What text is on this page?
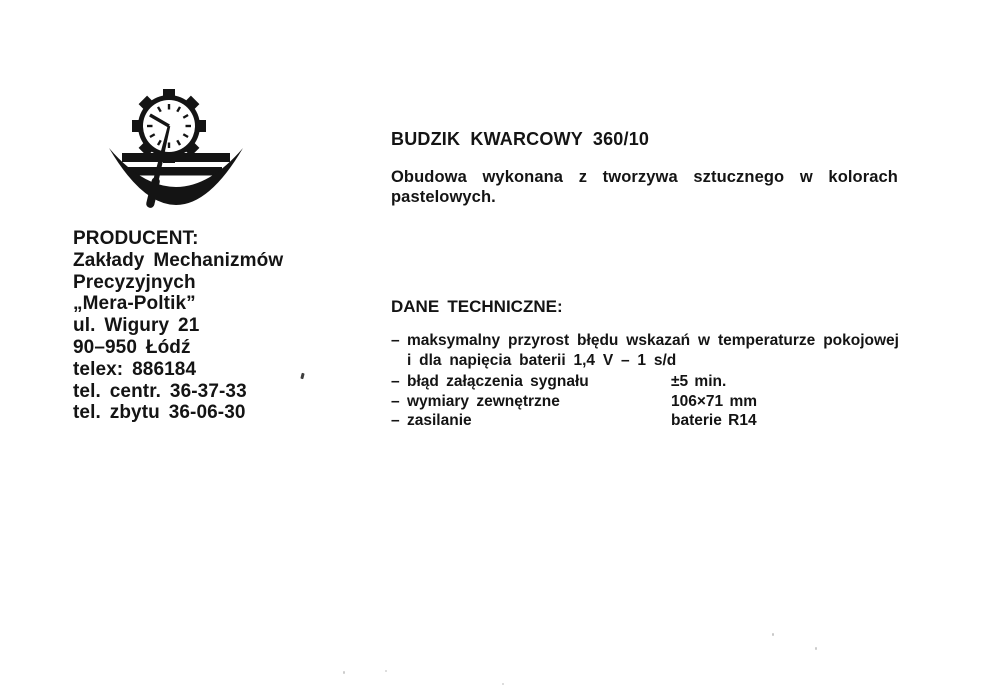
PRODUCENT:
Zakłady Mechanizmów
Precyzyjnych
„Mera-Poltik”
ul. Wigury 21
90–950 Łódź
telex: 886184
tel. centr. 36-37-33
tel. zbytu 36-06-30
BUDZIK KWARCOWY 360/10
Obudowa wykonana z tworzywa sztucznego w kolorach
pastelowych.
DANE TECHNICZNE:
– maksymalny przyrost błędu wskazań w temperaturze pokojowej
i dla napięcia baterii 1,4 V – 1 s/d
– błąd załączenia sygnału	±5 min.
– wymiary zewnętrzne	106×71 mm
– zasilanie	baterie R14
